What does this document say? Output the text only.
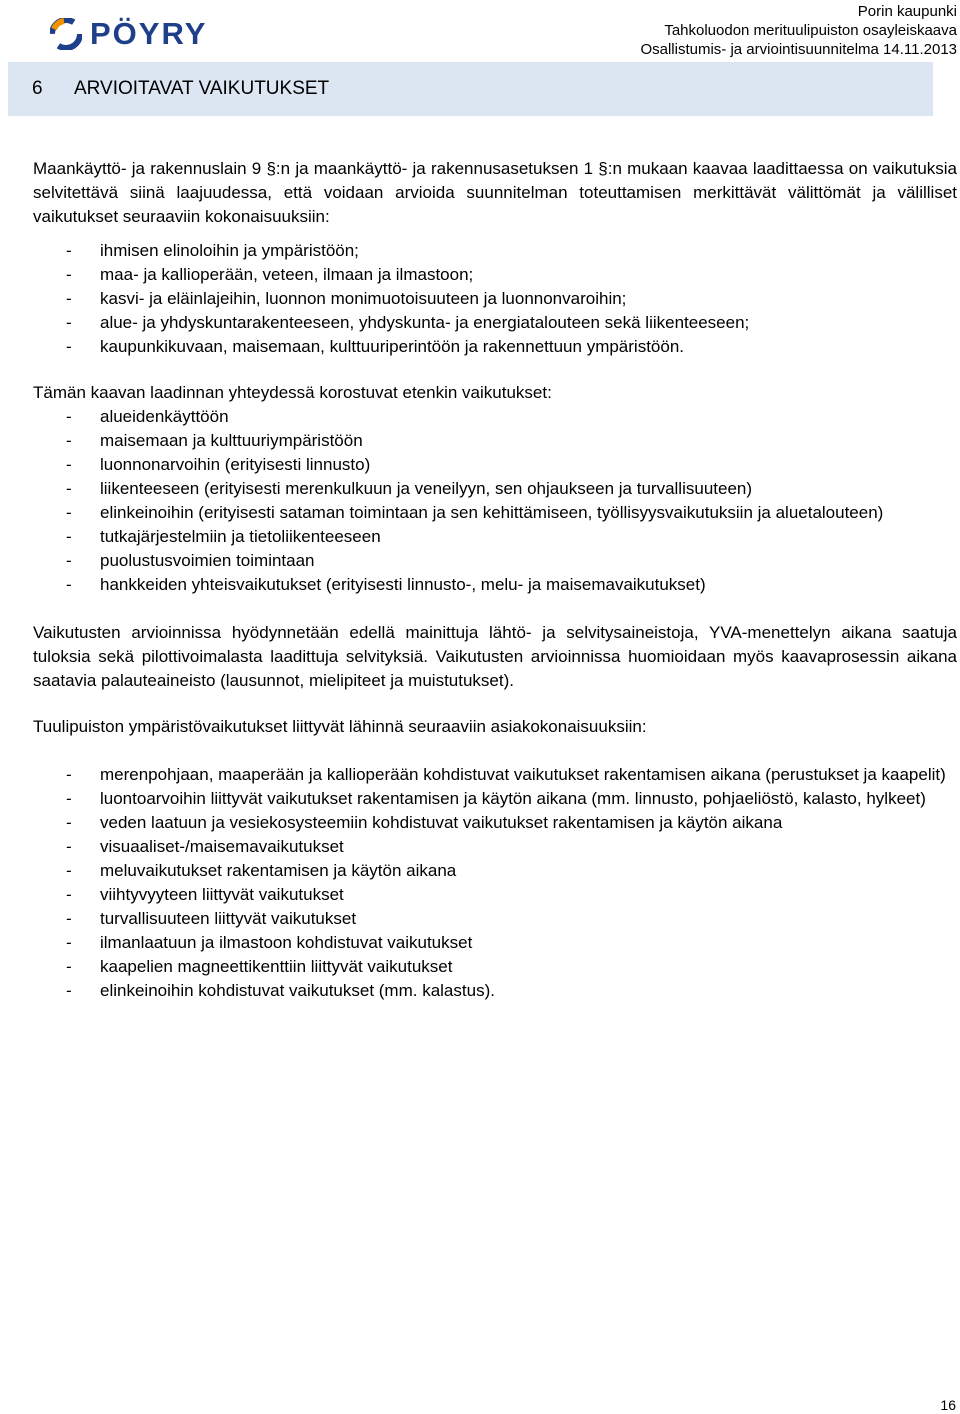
PÖYRY
Porin kaupunki
Tahkoluodon merituulipuiston osayleiskaava
Osallistumis- ja arviointisuunnitelma 14.11.2013
6 ARVIOITAVAT VAIKUTUKSET

Maankäyttö- ja rakennuslain 9 §:n ja maankäyttö- ja rakennusasetuksen 1 §:n mukaan kaavaa laadittaessa on vaikutuksia selvitettävä siinä laajuudessa, että voidaan arvioida suunnitelman toteuttamisen merkittävät välittömät ja välilliset vaikutukset seuraaviin kokonaisuuksiin:

- ihmisen elinoloihin ja ympäristöön;
- maa- ja kallioperään, veteen, ilmaan ja ilmastoon;
- kasvi- ja eläinlajeihin, luonnon monimuotoisuuteen ja luonnonvaroihin;
- alue- ja yhdyskuntarakenteeseen, yhdyskunta- ja energiatalouteen sekä liikenteeseen;
- kaupunkikuvaan, maisemaan, kulttuuriperintöön ja rakennettuun ympäristöön.

Tämän kaavan laadinnan yhteydessä korostuvat etenkin vaikutukset:

- alueidenkäyttöön
- maisemaan ja kulttuuriympäristöön
- luonnonarvoihin (erityisesti linnusto)
- liikenteeseen (erityisesti merenkulkuun ja veneilyyn, sen ohjaukseen ja turvallisuuteen)
- elinkeinoihin (erityisesti sataman toimintaan ja sen kehittämiseen, työllisyysvaikutuksiin ja aluetalouteen)
- tutkajärjestelmiin ja tietoliikenteeseen
- puolustusvoimien toimintaan
- hankkeiden yhteisvaikutukset (erityisesti linnusto-, melu- ja maisemavaikutukset)

Vaikutusten arvioinnissa hyödynnetään edellä mainittuja lähtö- ja selvitysaineistoja, YVA-menettelyn aikana saatuja tuloksia sekä pilottivoimalasta laadittuja selvityksiä. Vaikutusten arvioinnissa huomioidaan myös kaavaprosessin aikana saatavia palauteaineisto (lausunnot, mielipiteet ja muistutukset).

Tuulipuiston ympäristövaikutukset liittyvät lähinnä seuraaviin asiakokonaisuuksiin:

- merenpohjaan, maaperään ja kallioperään kohdistuvat vaikutukset rakentamisen aikana (perustukset ja kaapelit)
- luontoarvoihin liittyvät vaikutukset rakentamisen ja käytön aikana (mm. linnusto, pohjaeliöstö, kalasto, hylkeet)
- veden laatuun ja vesiekosysteemiin kohdistuvat vaikutukset rakentamisen ja käytön aikana
- visuaaliset-/maisemavaikutukset
- meluvaikutukset rakentamisen ja käytön aikana
- viihtyvyyteen liittyvät vaikutukset
- turvallisuuteen liittyvät vaikutukset
- ilmanlaatuun ja ilmastoon kohdistuvat vaikutukset
- kaapelien magneettikenttiin liittyvät vaikutukset
- elinkeinoihin kohdistuvat vaikutukset (mm. kalastus).
16
